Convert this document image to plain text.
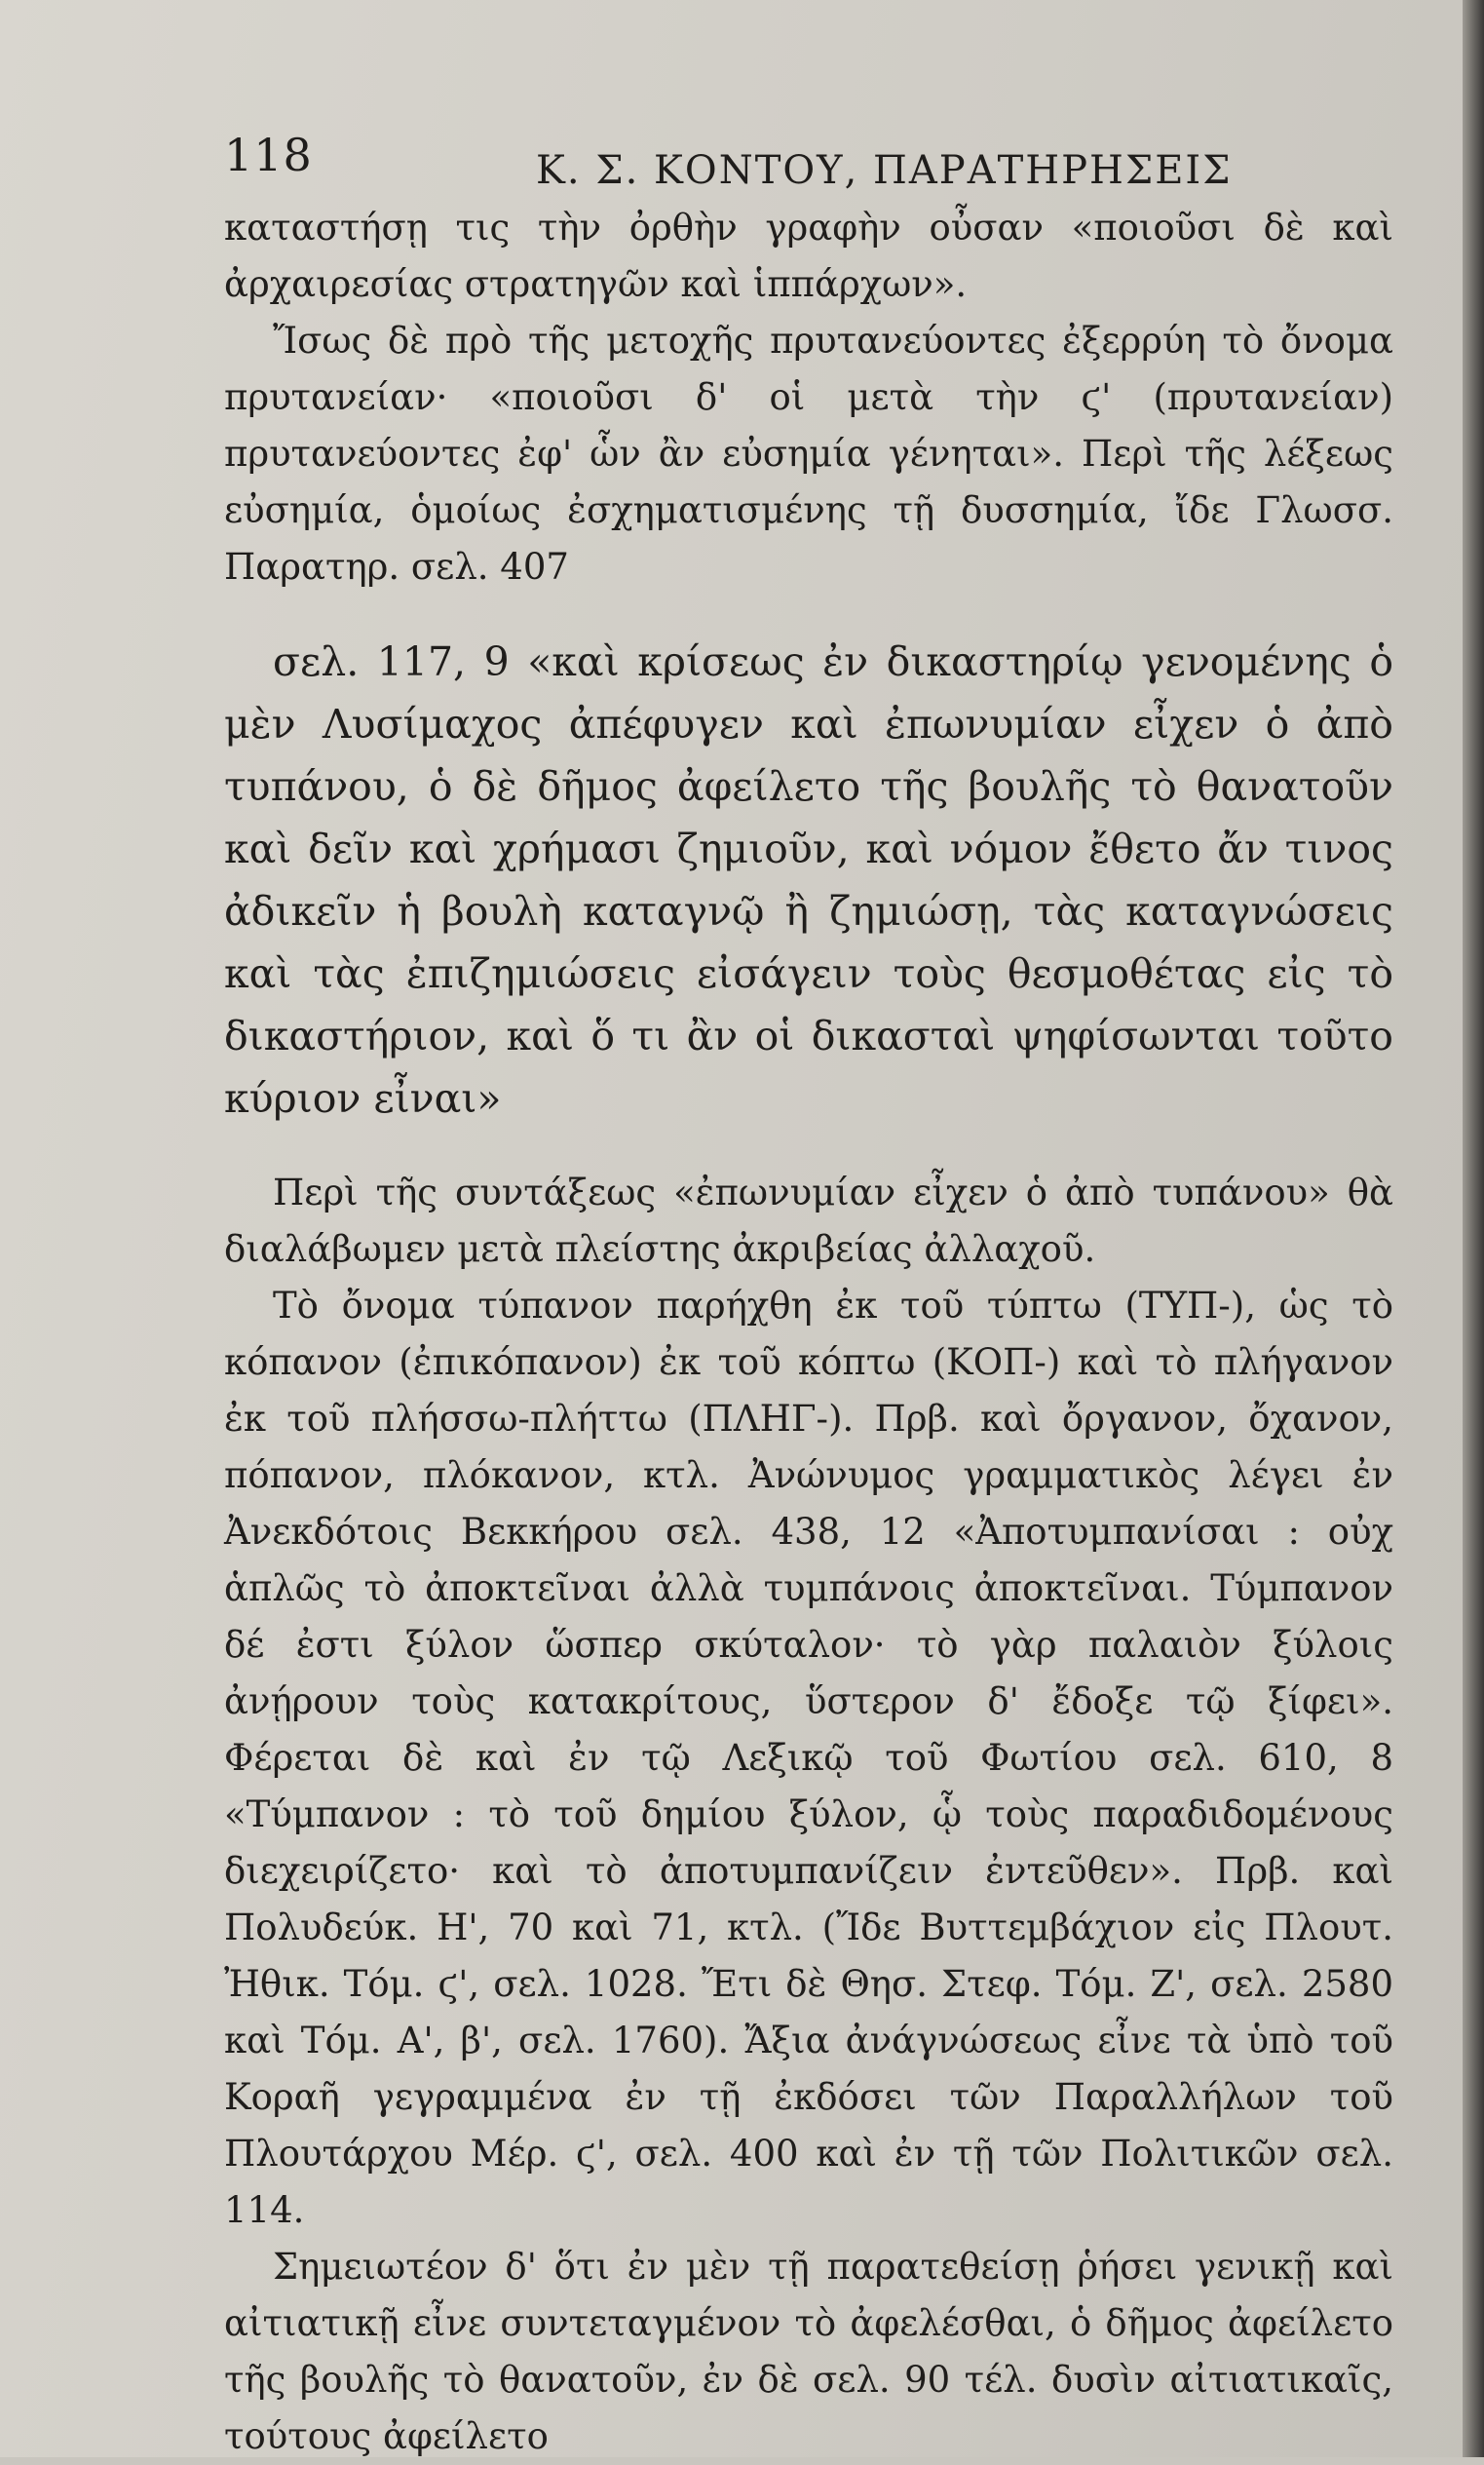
118	Κ. Σ. ΚΟΝΤΟΥ, ΠΑΡΑΤΗΡΗΣΕΙΣ

καταστήσῃ τις τὴν ὀρθὴν γραφὴν οὖσαν «ποιοῦσι δὲ καὶ ἀρχαιρεσίας στρατηγῶν καὶ ἱππάρχων».

Ἴσως δὲ πρὸ τῆς μετοχῆς πρυτανεύοντες ἐξερρύη τὸ ὄνομα πρυτανείαν· «ποιοῦσι δ' οἱ μετὰ τὴν ϛ' (πρυτανείαν) πρυτανεύοντες ἐφ' ὧν ἂν εὐσημία γένηται». Περὶ τῆς λέξεως εὐσημία, ὁμοίως ἐσχηματισμένης τῇ δυσσημία, ἴδε Γλωσσ. Παρατηρ. σελ. 407

σελ. 117, 9 «καὶ κρίσεως ἐν δικαστηρίῳ γενομένης ὁ μὲν Λυσίμαχος ἀπέφυγεν καὶ ἐπωνυμίαν εἶχεν ὁ ἀπὸ τυπάνου, ὁ δὲ δῆμος ἀφείλετο τῆς βουλῆς τὸ θανατοῦν καὶ δεῖν καὶ χρήμασι ζημιοῦν, καὶ νόμον ἔθετο ἄν τινος ἀδικεῖν ἡ βουλὴ καταγνῷ ἢ ζημιώσῃ, τὰς καταγνώσεις καὶ τὰς ἐπιζημιώσεις εἰσάγειν τοὺς θεσμοθέτας εἰς τὸ δικαστήριον, καὶ ὅ τι ἂν οἱ δικασταὶ ψηφίσωνται τοῦτο κύριον εἶναι»

Περὶ τῆς συντάξεως «ἐπωνυμίαν εἶχεν ὁ ἀπὸ τυπάνου» θὰ διαλάβωμεν μετὰ πλείστης ἀκριβείας ἀλλαχοῦ.

Τὸ ὄνομα τύπανον παρήχθη ἐκ τοῦ τύπτω (ΤΥΠ-), ὡς τὸ κόπανον (ἐπικόπανον) ἐκ τοῦ κόπτω (ΚΟΠ-) καὶ τὸ πλήγανον ἐκ τοῦ πλήσσω-πλήττω (ΠΛΗΓ-). Πρβ. καὶ ὄργανον, ὄχανον, πόπανον, πλόκανον, κτλ. Ἀνώνυμος γραμματικὸς λέγει ἐν Ἀνεκδότοις Βεκκήρου σελ. 438, 12 «Ἀποτυμπανίσαι : οὐχ ἁπλῶς τὸ ἀποκτεῖναι ἀλλὰ τυμπάνοις ἀποκτεῖναι. Τύμπανον δέ ἐστι ξύλον ὥσπερ σκύταλον· τὸ γὰρ παλαιὸν ξύλοις ἀνῄρουν τοὺς κατακρίτους, ὕστερον δ' ἔδοξε τῷ ξίφει». Φέρεται δὲ καὶ ἐν τῷ Λεξικῷ τοῦ Φωτίου σελ. 610, 8 «Τύμπανον : τὸ τοῦ δημίου ξύλον, ᾧ τοὺς παραδιδομένους διεχειρίζετο· καὶ τὸ ἀποτυμπανίζειν ἐντεῦθεν». Πρβ. καὶ Πολυδεύκ. Η', 70 καὶ 71, κτλ. (Ἴδε Βυττεμβάχιον εἰς Πλουτ. Ἠθικ. Τόμ. ϛ', σελ. 1028. Ἔτι δὲ Θησ. Στεφ. Τόμ. Ζ', σελ. 2580 καὶ Τόμ. Α', β', σελ. 1760). Ἄξια ἀνάγνώσεως εἶνε τὰ ὑπὸ τοῦ Κοραῆ γεγραμμένα ἐν τῇ ἐκδόσει τῶν Παραλλήλων τοῦ Πλουτάρχου Μέρ. ϛ', σελ. 400 καὶ ἐν τῇ τῶν Πολιτικῶν σελ. 114.

Σημειωτέον δ' ὅτι ἐν μὲν τῇ παρατεθείσῃ ῥήσει γενικῇ καὶ αἰτιατικῇ εἶνε συντεταγμένον τὸ ἀφελέσθαι, ὁ δῆμος ἀφείλετο τῆς βουλῆς τὸ θανατοῦν, ἐν δὲ σελ. 90 τέλ. δυσὶν αἰτιατικαῖς, τούτους ἀφείλετο
